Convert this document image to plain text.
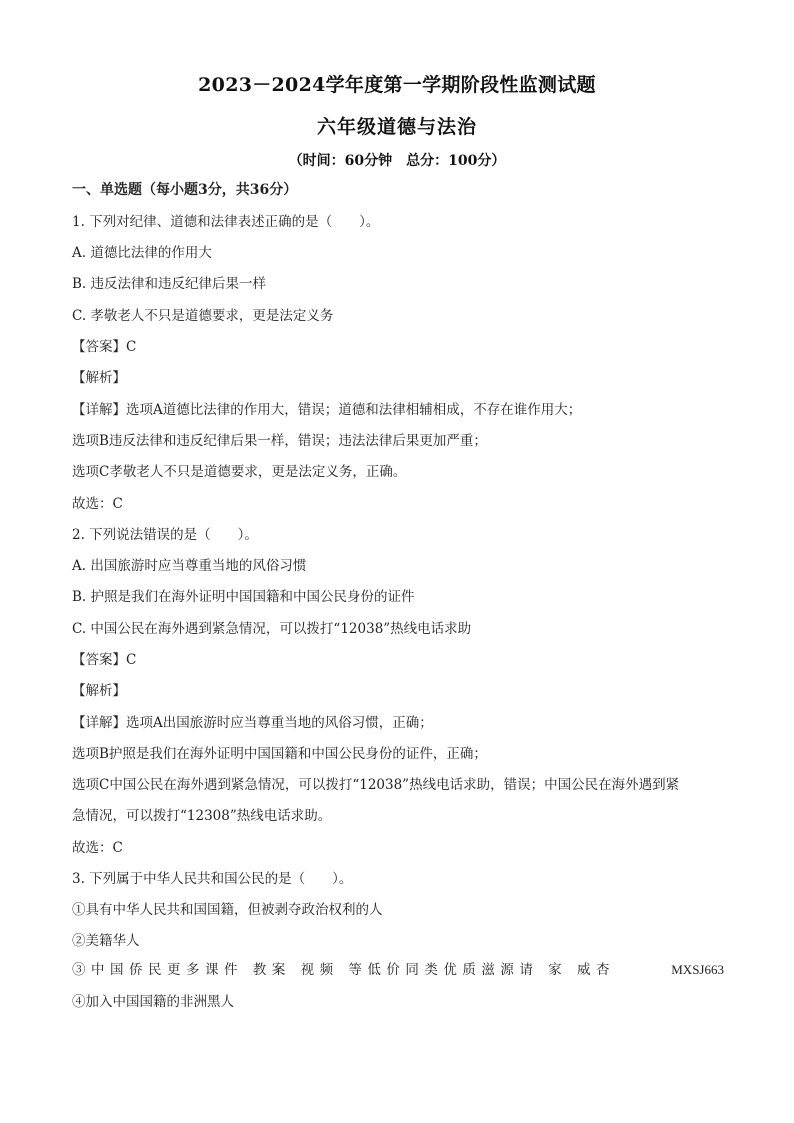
2023－2024学年度第一学期阶段性监测试题
六年级道德与法治
（时间：60分钟　总分：100分）
一、单选题（每小题3分，共36分）
1. 下列对纪律、道德和法律表述正确的是（　　）。
A. 道德比法律的作用大
B. 违反法律和违反纪律后果一样
C. 孝敬老人不只是道德要求，更是法定义务
【答案】C
【解析】
【详解】选项A道德比法律的作用大，错误；道德和法律相辅相成，不存在谁作用大；
选项B违反法律和违反纪律后果一样，错误；违法法律后果更加严重；
选项C孝敬老人不只是道德要求，更是法定义务，正确。
故选：C
2. 下列说法错误的是（　　）。
A. 出国旅游时应当尊重当地的风俗习惯
B. 护照是我们在海外证明中国国籍和中国公民身份的证件
C. 中国公民在海外遇到紧急情况，可以拨打“12038”热线电话求助
【答案】C
【解析】
【详解】选项A出国旅游时应当尊重当地的风俗习惯，正确；
选项B护照是我们在海外证明中国国籍和中国公民身份的证件，正确；
选项C中国公民在海外遇到紧急情况，可以拨打“12038”热线电话求助，错误；中国公民在海外遇到紧
急情况，可以拨打“12308”热线电话求助。
故选：C
3. 下列属于中华人民共和国公民的是（　　）。
①具有中华人民共和国国籍，但被剥夺政治权利的人
②美籍华人
③中国侨民更多课件 教案 视频 等低价同类优质滋源请 家 威杏	MXSJ663
④加入中国国籍的非洲黑人
